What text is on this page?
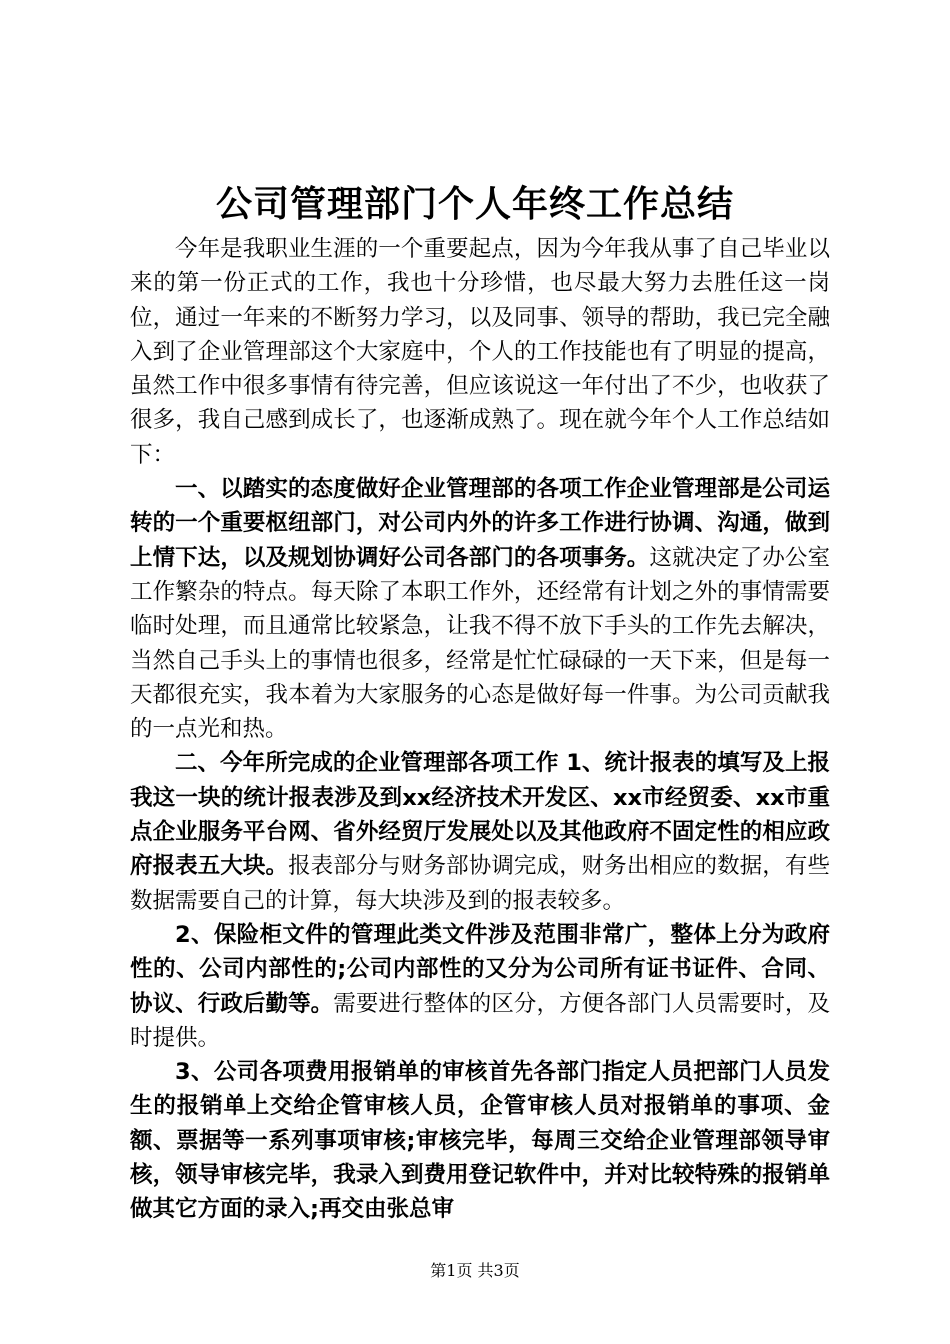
公司管理部门个人年终工作总结

今年是我职业生涯的一个重要起点，因为今年我从事了自己毕业以来的第一份正式的工作，我也十分珍惜，也尽最大努力去胜任这一岗位，通过一年来的不断努力学习，以及同事、领导的帮助，我已完全融入到了企业管理部这个大家庭中，个人的工作技能也有了明显的提高，虽然工作中很多事情有待完善，但应该说这一年付出了不少，也收获了很多，我自己感到成长了，也逐渐成熟了。现在就今年个人工作总结如下：

一、以踏实的态度做好企业管理部的各项工作企业管理部是公司运转的一个重要枢纽部门，对公司内外的许多工作进行协调、沟通，做到上情下达，以及规划协调好公司各部门的各项事务。这就决定了办公室工作繁杂的特点。每天除了本职工作外，还经常有计划之外的事情需要临时处理，而且通常比较紧急，让我不得不放下手头的工作先去解决，当然自己手头上的事情也很多，经常是忙忙碌碌的一天下来，但是每一天都很充实，我本着为大家服务的心态是做好每一件事。为公司贡献我的一点光和热。

二、今年所完成的企业管理部各项工作 1、统计报表的填写及上报我这一块的统计报表涉及到xx经济技术开发区、xx市经贸委、xx市重点企业服务平台网、省外经贸厅发展处以及其他政府不固定性的相应政府报表五大块。报表部分与财务部协调完成，财务出相应的数据，有些数据需要自己的计算，每大块涉及到的报表较多。

2、保险柜文件的管理此类文件涉及范围非常广，整体上分为政府性的、公司内部性的;公司内部性的又分为公司所有证书证件、合同、协议、行政后勤等。需要进行整体的区分，方便各部门人员需要时，及时提供。

3、公司各项费用报销单的审核首先各部门指定人员把部门人员发生的报销单上交给企管审核人员，企管审核人员对报销单的事项、金额、票据等一系列事项审核;审核完毕，每周三交给企业管理部领导审核，领导审核完毕，我录入到费用登记软件中，并对比较特殊的报销单做其它方面的录入;再交由张总审

第1页 共3页
